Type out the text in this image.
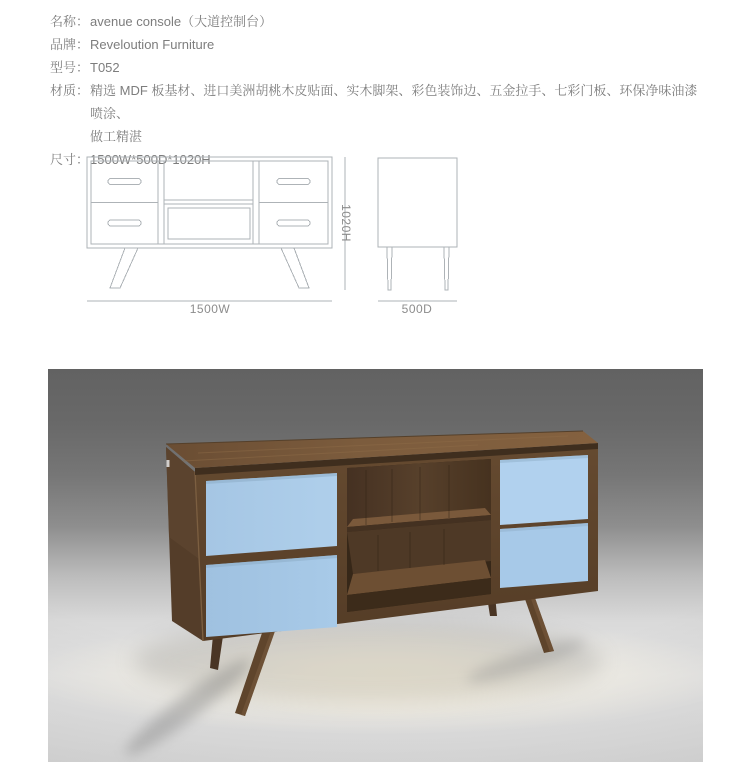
名称： avenue console（大道控制台）
品牌： Reveloution Furniture
型号： T052
材质： 精选 MDF 板基材、进口美洲胡桃木皮贴面、实木脚架、彩色装饰边、五金拉手、七彩门板、环保净味油漆喷涂、
做工精湛
尺寸： 1500W*500D*1020H
1500W	500D
1020H
